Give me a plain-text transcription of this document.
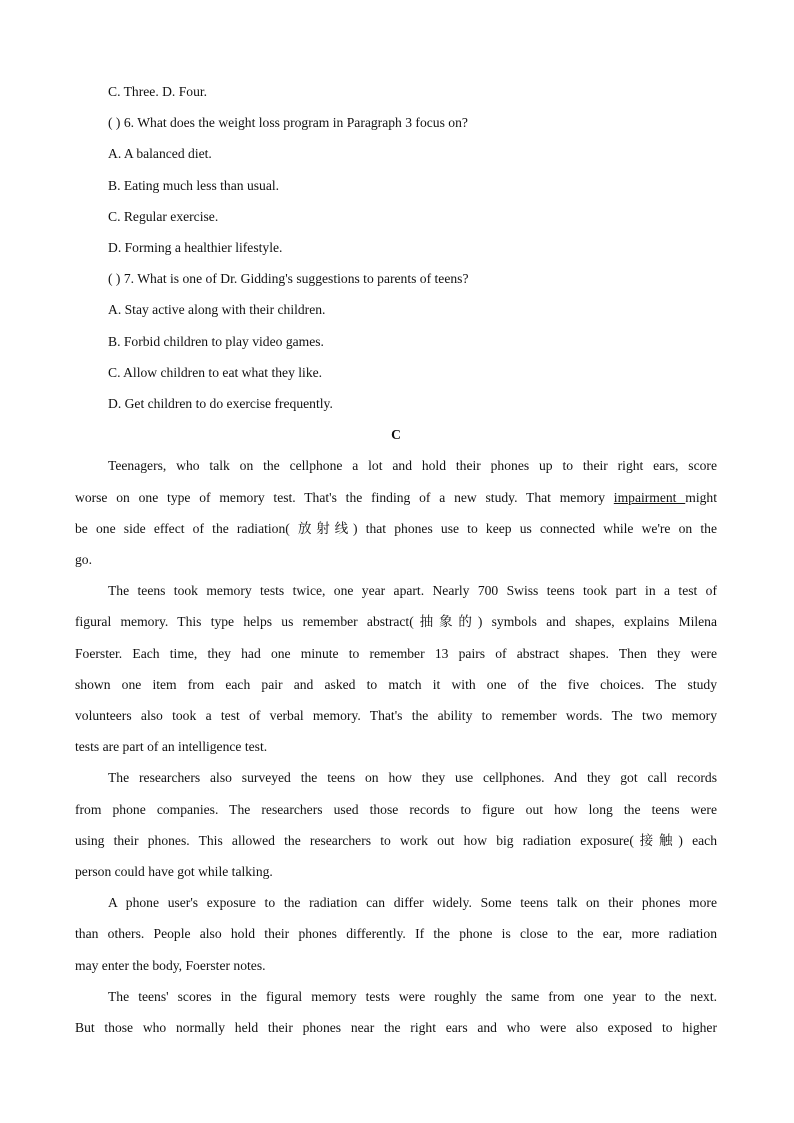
C. Three. D. Four.
( ) 6. What does the weight loss program in Paragraph 3 focus on?
A. A balanced diet.
B. Eating much less than usual.
C. Regular exercise.
D. Forming a healthier lifestyle.
( ) 7. What is one of Dr. Gidding's suggestions to parents of teens?
A. Stay active along with their children.
B. Forbid children to play video games.
C. Allow children to eat what they like.
D. Get children to do exercise frequently.
C
Teenagers, who talk on the cellphone a lot and hold their phones up to their right ears, score
worse on one type of memory test. That's the finding of a new study. That memory impairment might
be one side effect of the radiation( 放射线) that phones use to keep us connected while we're on the
go.
The teens took memory tests twice, one year apart. Nearly 700 Swiss teens took part in a test of
figural memory. This type helps us remember abstract(抽象的) symbols and shapes, explains Milena
Foerster. Each time, they had one minute to remember 13 pairs of abstract shapes. Then they were
shown one item from each pair and asked to match it with one of the five choices. The study
volunteers also took a test of verbal memory. That's the ability to remember words. The two memory
tests are part of an intelligence test.
The researchers also surveyed the teens on how they use cellphones. And they got call records
from phone companies. The researchers used those records to figure out how long the teens were
using their phones. This allowed the researchers to work out how big radiation exposure(接触) each
person could have got while talking.
A phone user's exposure to the radiation can differ widely. Some teens talk on their phones more
than others. People also hold their phones differently. If the phone is close to the ear, more radiation
may enter the body, Foerster notes.
The teens' scores in the figural memory tests were roughly the same from one year to the next.
But those who normally held their phones near the right ears and who were also exposed to higher
